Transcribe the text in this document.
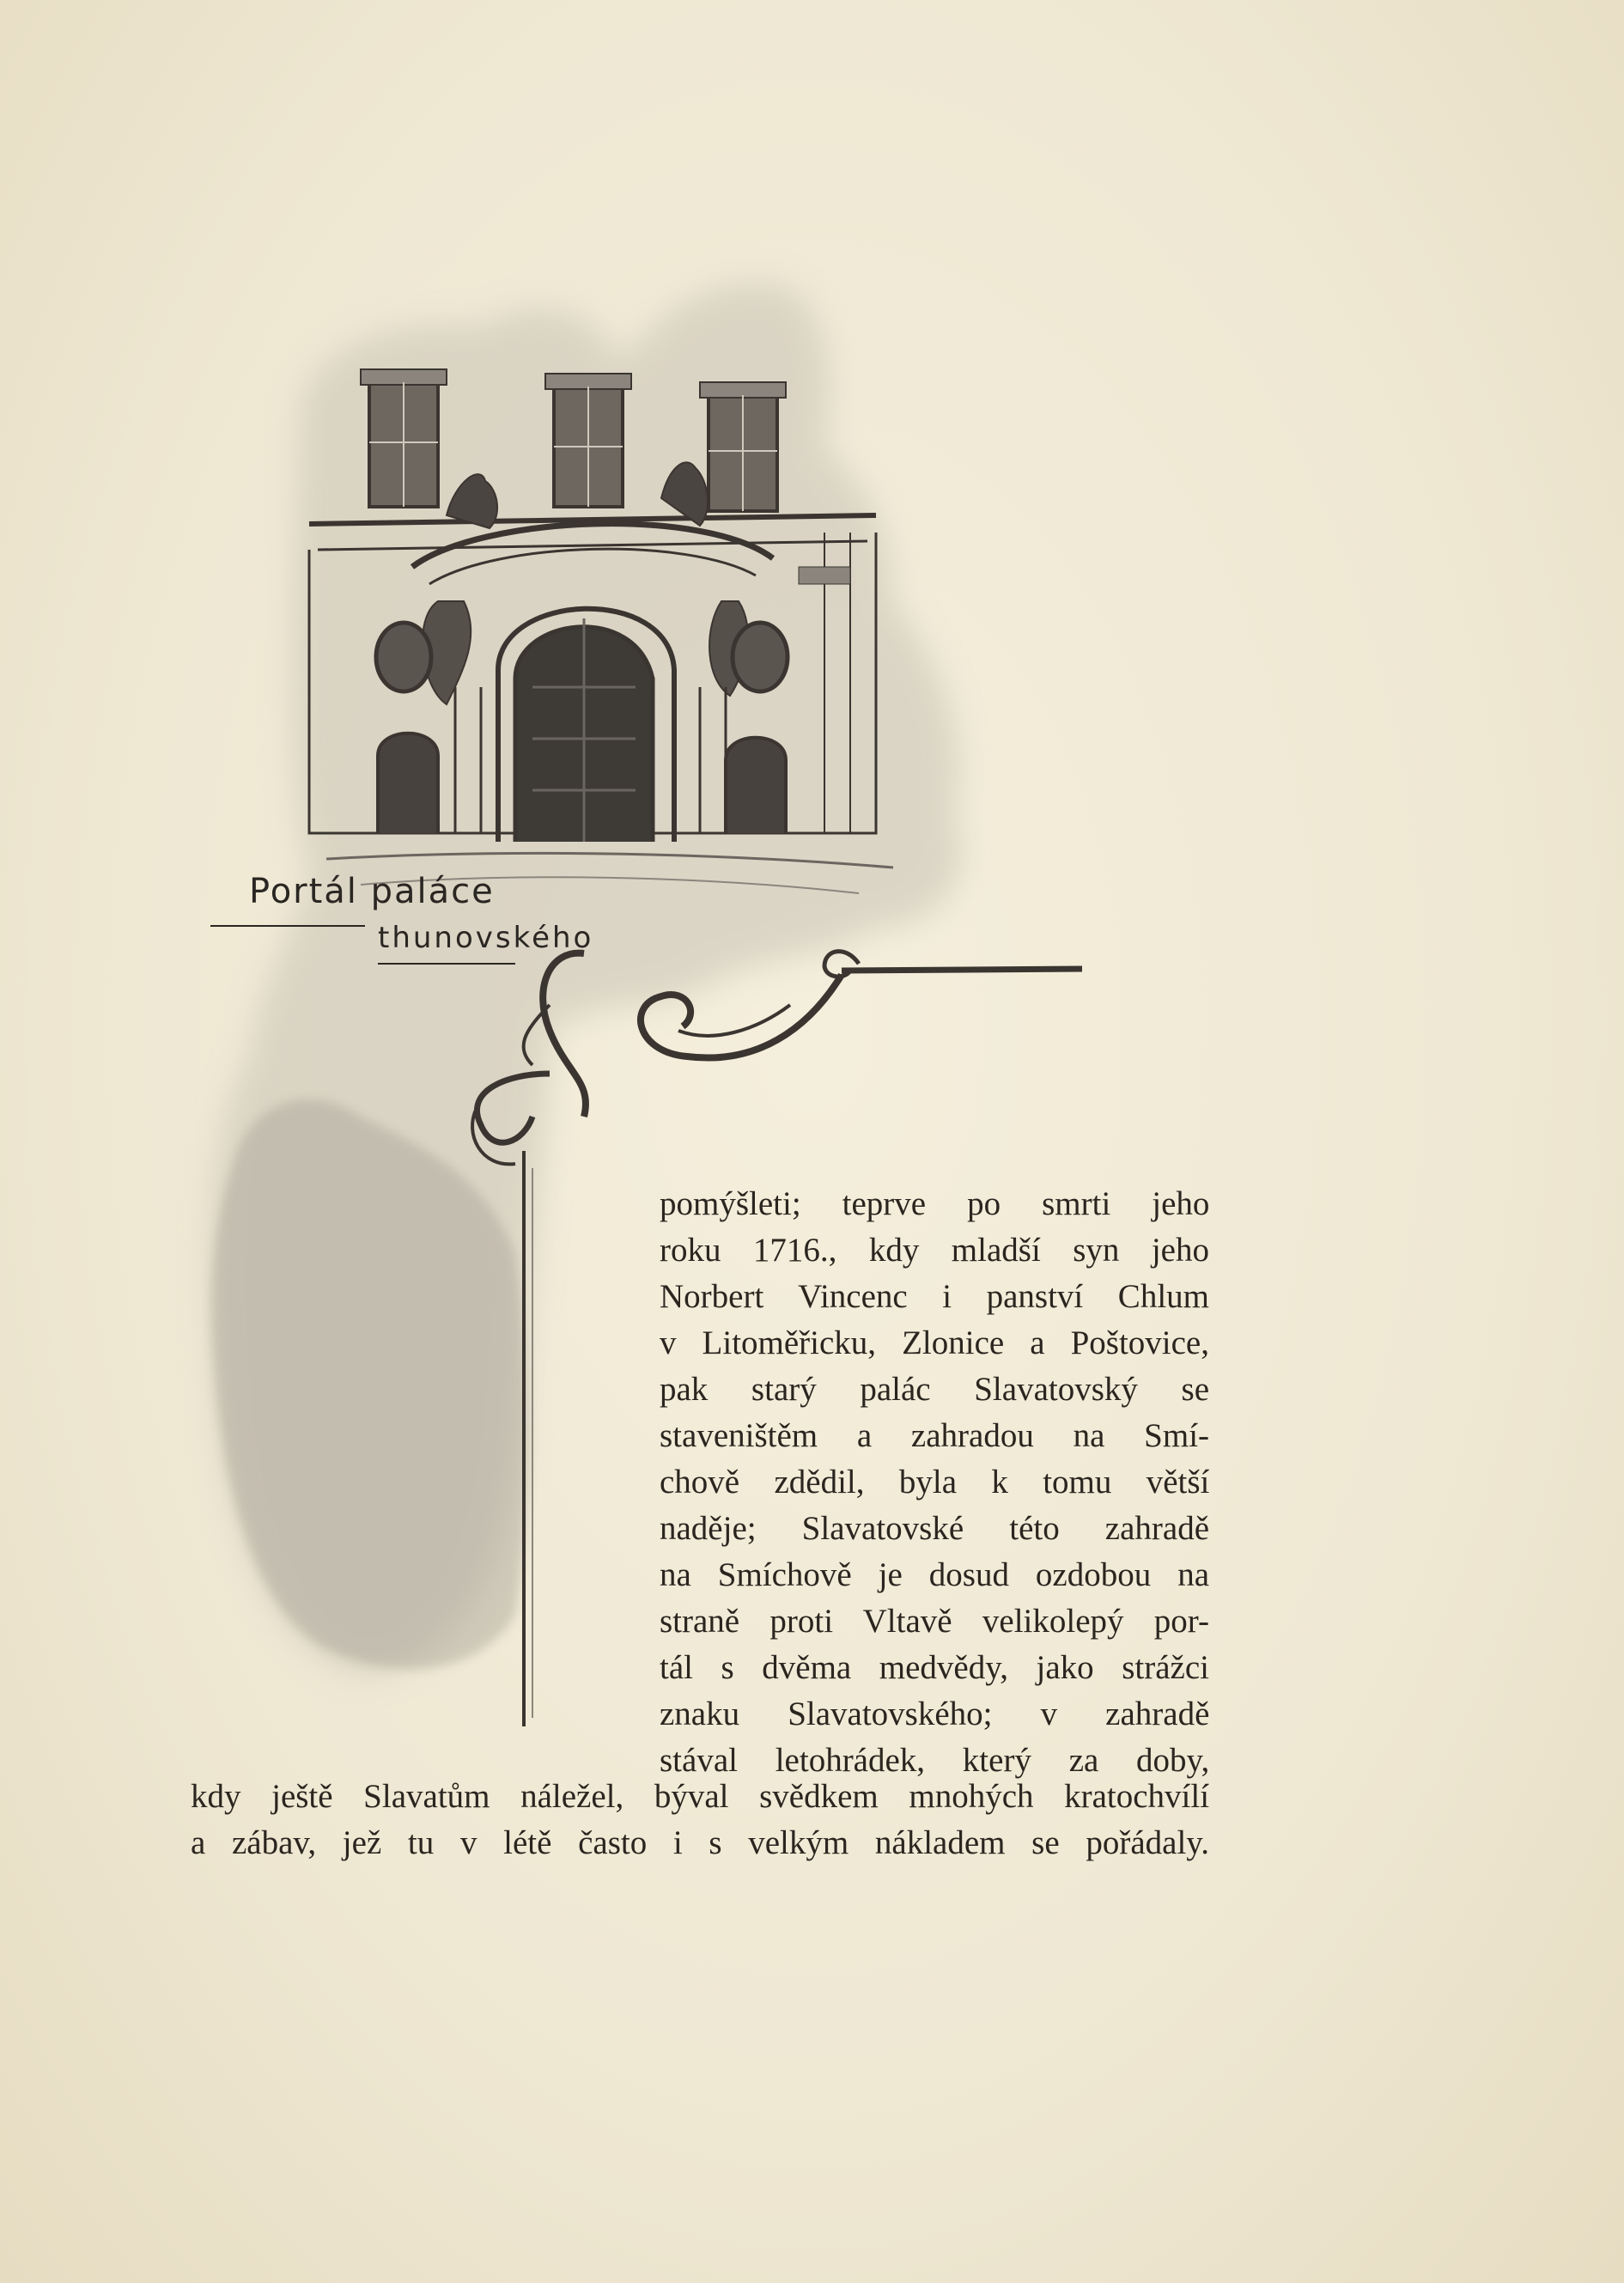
Portál paláce
thunovského
pomýšleti; teprve po smrti jeho
roku 1716., kdy mladší syn jeho
Norbert Vincenc i panství Chlum
v Litoměřicku, Zlonice a Poštovice,
pak starý palác Slavatovský se
staveništěm a zahradou na Smí-
chově zdědil, byla k tomu větší
naděje; Slavatovské této zahradě
na Smíchově je dosud ozdobou na
straně proti Vltavě velikolepý por-
tál s dvěma medvědy, jako strážci
znaku Slavatovského; v zahradě
stával letohrádek, který za doby,
kdy ještě Slavatům náležel, býval svědkem mnohých kratochvílí
a zábav, jež tu v létě často i s velkým nákladem se pořádaly.
